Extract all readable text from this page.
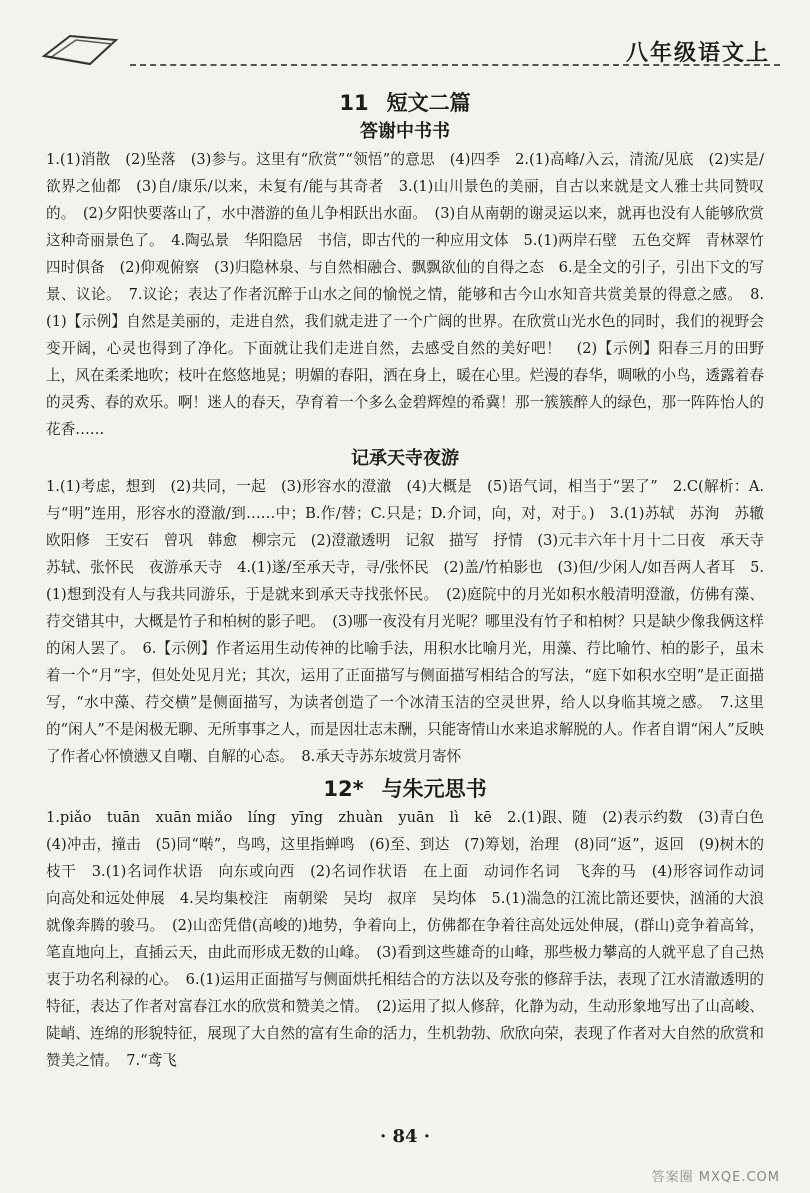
八年级语文上
11 短文二篇
答谢中书书

1.(1)消散　(2)坠落　(3)参与。这里有“欣赏”“领悟”的意思　(4)四季　2.(1)高峰/入云，清流/见底　(2)实是/欲界之仙都　(3)自/康乐/以来，未复有/能与其奇者　3.(1)山川景色的美丽，自古以来就是文人雅士共同赞叹的。　(2)夕阳快要落山了，水中潜游的鱼儿争相跃出水面。　(3)自从南朝的谢灵运以来，就再也没有人能够欣赏这种奇丽景色了。　4.陶弘景　华阳隐居　书信，即古代的一种应用文体　5.(1)两岸石壁　五色交辉　青林翠竹　四时俱备　(2)仰观俯察　(3)归隐林泉、与自然相融合、飘飘欲仙的自得之态　6.是全文的引子，引出下文的写景、议论。　7.议论；表达了作者沉醉于山水之间的愉悦之情，能够和古今山水知音共赏美景的得意之感。　8.(1)【示例】自然是美丽的，走进自然，我们就走进了一个广阔的世界。在欣赏山光水色的同时，我们的视野会变开阔，心灵也得到了净化。下面就让我们走进自然，去感受自然的美好吧！　(2)【示例】阳春三月的田野上，风在柔柔地吹；枝叶在悠悠地晃；明媚的春阳，洒在身上，暖在心里。烂漫的春华，啁啾的小鸟，透露着春的灵秀、春的欢乐。啊！迷人的春天，孕育着一个多么金碧辉煌的希冀！那一簇簇醉人的绿色，那一阵阵怡人的花香……

记承天寺夜游

1.(1)考虑，想到　(2)共同，一起　(3)形容水的澄澈　(4)大概是　(5)语气词，相当于“罢了”　2.C(解析：A.与“明”连用，形容水的澄澈/到……中；B.作/替；C.只是；D.介词，向，对，对于。)　3.(1)苏轼　苏洵　苏辙　欧阳修　王安石　曾巩　韩愈　柳宗元　(2)澄澈透明　记叙　描写　抒情　(3)元丰六年十月十二日夜　承天寺　苏轼、张怀民　夜游承天寺　4.(1)遂/至承天寺，寻/张怀民　(2)盖/竹柏影也　(3)但/少闲人/如吾两人者耳　5.(1)想到没有人与我共同游乐，于是就来到承天寺找张怀民。　(2)庭院中的月光如积水般清明澄澈，仿佛有藻、荇交错其中，大概是竹子和柏树的影子吧。　(3)哪一夜没有月光呢？哪里没有竹子和柏树？只是缺少像我俩这样的闲人罢了。　6.【示例】作者运用生动传神的比喻手法，用积水比喻月光，用藻、荇比喻竹、柏的影子，虽未着一个“月”字，但处处见月光；其次，运用了正面描写与侧面描写相结合的写法，“庭下如积水空明”是正面描写，“水中藻、荇交横”是侧面描写，为读者创造了一个冰清玉洁的空灵世界，给人以身临其境之感。　7.这里的“闲人”不是闲极无聊、无所事事之人，而是因壮志未酬，只能寄情山水来追求解脱的人。作者自谓“闲人”反映了作者心怀愤懑又自嘲、自解的心态。　8.承天寺苏东坡赏月寄怀

12* 与朱元思书

1.piǎo　tuān　xuān miǎo　líng　yīng　zhuàn　yuān　lì　kē　2.(1)跟、随　(2)表示约数　(3)青白色　(4)冲击，撞击　(5)同“啭”，鸟鸣，这里指蝉鸣　(6)至、到达　(7)筹划，治理　(8)同“返”，返回　(9)树木的枝干　3.(1)名词作状语　向东或向西　(2)名词作状语　在上面　动词作名词　飞奔的马　(4)形容词作动词　向高处和远处伸展　4.吴均集校注　南朝梁　吴均　叔庠　吴均体　5.(1)湍急的江流比箭还要快，汹涌的大浪就像奔腾的骏马。　(2)山峦凭借(高峻的)地势，争着向上，仿佛都在争着往高处远处伸展，(群山)竞争着高耸，笔直地向上，直插云天，由此而形成无数的山峰。　(3)看到这些雄奇的山峰，那些极力攀高的人就平息了自己热衷于功名利禄的心。　6.(1)运用正面描写与侧面烘托相结合的方法以及夸张的修辞手法，表现了江水清澈透明的特征，表达了作者对富春江水的欣赏和赞美之情。　(2)运用了拟人修辞，化静为动，生动形象地写出了山高峻、陡峭、连绵的形貌特征，展现了大自然的富有生命的活力，生机勃勃、欣欣向荣，表现了作者对大自然的欣赏和赞美之情。　7.“鸢飞

· 84 ·
答案圈 MXQE.COM
